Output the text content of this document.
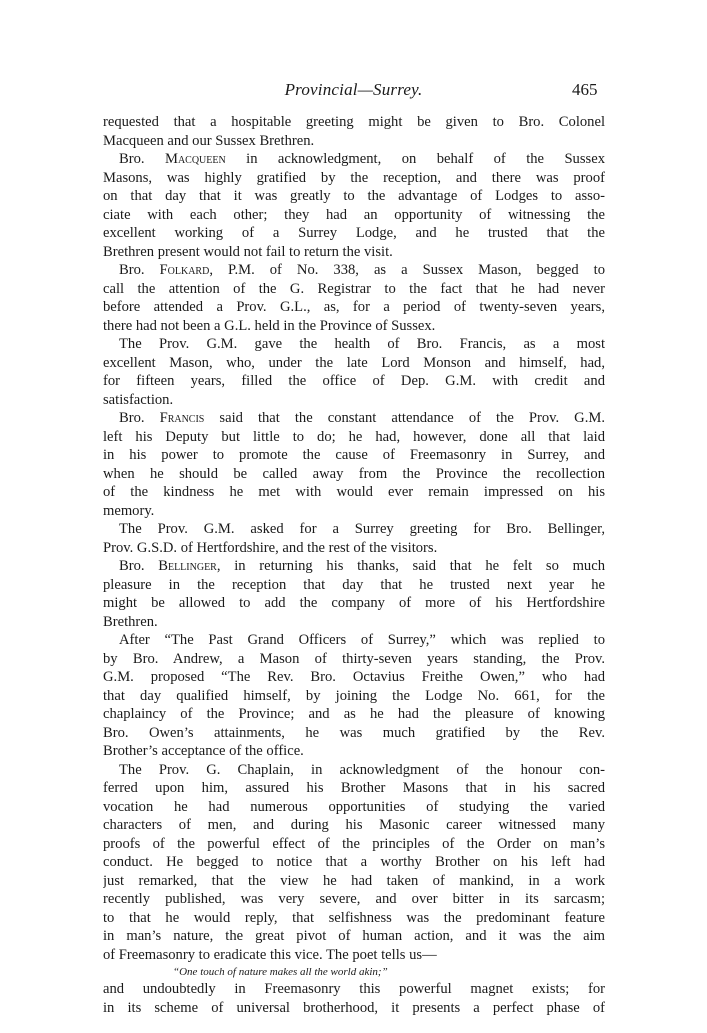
Provincial—Surrey.	465
requested that a hospitable greeting might be given to Bro. Colonel
Macqueen and our Sussex Brethren.
Bro. Macqueen in acknowledgment, on behalf of the Sussex
Masons, was highly gratified by the reception, and there was proof
on that day that it was greatly to the advantage of Lodges to asso-
ciate with each other; they had an opportunity of witnessing the
excellent working of a Surrey Lodge, and he trusted that the
Brethren present would not fail to return the visit.
Bro. Folkard, P.M. of No. 338, as a Sussex Mason, begged to
call the attention of the G. Registrar to the fact that he had never
before attended a Prov. G.L., as, for a period of twenty-seven years,
there had not been a G.L. held in the Province of Sussex.
The Prov. G.M. gave the health of Bro. Francis, as a most
excellent Mason, who, under the late Lord Monson and himself, had,
for fifteen years, filled the office of Dep. G.M. with credit and
satisfaction.
Bro. Francis said that the constant attendance of the Prov. G.M.
left his Deputy but little to do; he had, however, done all that laid
in his power to promote the cause of Freemasonry in Surrey, and
when he should be called away from the Province the recollection
of the kindness he met with would ever remain impressed on his
memory.
The Prov. G.M. asked for a Surrey greeting for Bro. Bellinger,
Prov. G.S.D. of Hertfordshire, and the rest of the visitors.
Bro. Bellinger, in returning his thanks, said that he felt so much
pleasure in the reception that day that he trusted next year he
might be allowed to add the company of more of his Hertfordshire
Brethren.
After “The Past Grand Officers of Surrey,” which was replied to
by Bro. Andrew, a Mason of thirty-seven years standing, the Prov.
G.M. proposed “The Rev. Bro. Octavius Freithe Owen,” who had
that day qualified himself, by joining the Lodge No. 661, for the
chaplaincy of the Province; and as he had the pleasure of knowing
Bro. Owen’s attainments, he was much gratified by the Rev.
Brother’s acceptance of the office.
The Prov. G. Chaplain, in acknowledgment of the honour con-
ferred upon him, assured his Brother Masons that in his sacred
vocation he had numerous opportunities of studying the varied
characters of men, and during his Masonic career witnessed many
proofs of the powerful effect of the principles of the Order on man’s
conduct. He begged to notice that a worthy Brother on his left had
just remarked, that the view he had taken of mankind, in a work
recently published, was very severe, and over bitter in its sarcasm;
to that he would reply, that selfishness was the predominant feature
in man’s nature, the great pivot of human action, and it was the aim
of Freemasonry to eradicate this vice. The poet tells us—
“One touch of nature makes all the world akin;”
and undoubtedly in Freemasonry this powerful magnet exists; for
in its scheme of universal brotherhood, it presents a perfect phase of
